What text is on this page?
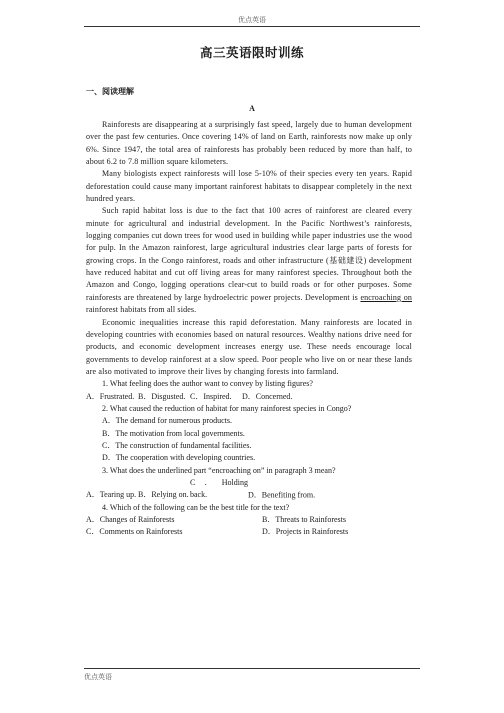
优点英语
高三英语限时训练
一、阅读理解
A

Rainforests are disappearing at a surprisingly fast speed, largely due to human development over the past few centuries. Once covering 14% of land on Earth, rainforests now make up only 6%. Since 1947, the total area of rainforests has probably been reduced by more than half, to about 6.2 to 7.8 million square kilometers.

Many biologists expect rainforests will lose 5-10% of their species every ten years. Rapid deforestation could cause many important rainforest habitats to disappear completely in the next hundred years.

Such rapid habitat loss is due to the fact that 100 acres of rainforest are cleared every minute for agricultural and industrial development. In the Pacific Northwest’s rainforests, logging companies cut down trees for wood used in building while paper industries use the wood for pulp. In the Amazon rainforest, large agricultural industries clear large parts of forests for growing crops. In the Congo rainforest, roads and other infrastructure (基础建设) development have reduced habitat and cut off living areas for many rainforest species. Throughout both the Amazon and Congo, logging operations clear-cut to build roads or for other purposes. Some rainforests are threatened by large hydroelectric power projects. Development is encroaching on rainforest habitats from all sides.

Economic inequalities increase this rapid deforestation. Many rainforests are located in developing countries with economies based on natural resources. Wealthy nations drive need for products, and economic development increases energy use. These needs encourage local governments to develop rainforest at a slow speed. Poor people who live on or near these lands are also motivated to improve their lives by changing forests into farmland.

1. What feeling does the author want to convey by listing figures?

A．Frustrated. B．Disgusted. C．Inspired.	D．Concerned.

2. What caused the reduction of habitat for many rainforest species in Congo?

A．The demand for numerous products.

B．The motivation from local governments.

C．The construction of fundamental facilities.

D．The cooperation with developing countries.

3. What does the underlined part “encroaching on” in paragraph 3 mean?

A．Tearing up. B．Relying on.C．Holding back.	D．Benefiting from.

4. Which of the following can be the best title for the text?

A．Changes of Rainforests	B．Threats to Rainforests
C．Comments on Rainforests	D．Projects in Rainforests
优点英语
